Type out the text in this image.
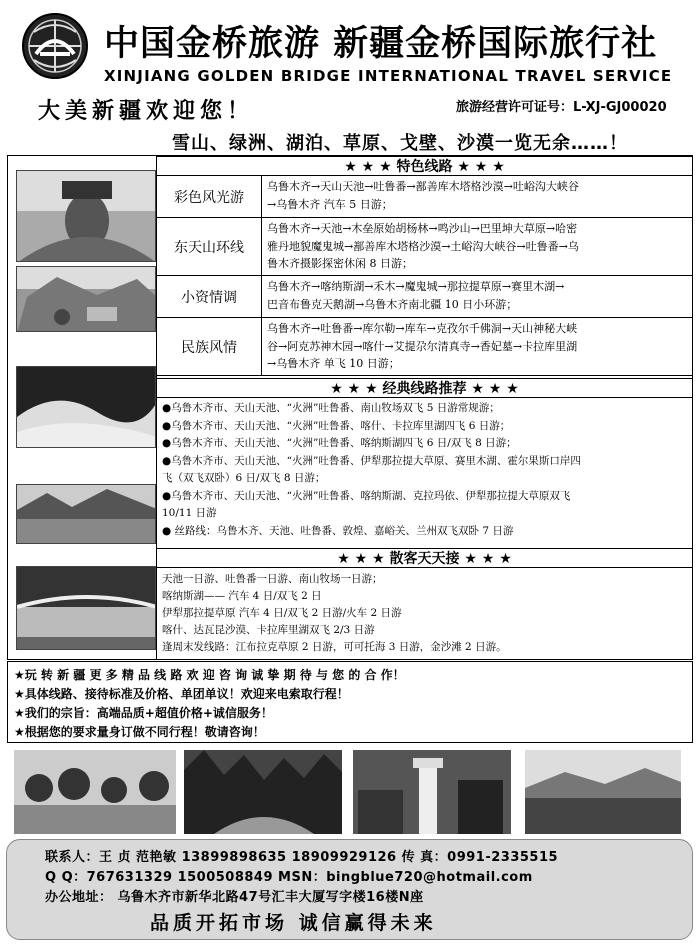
中国金桥旅游 新疆金桥国际旅行社
XINJIANG GOLDEN BRIDGE INTERNATIONAL TRAVEL SERVICE
大美新疆欢迎您！	旅游经营许可证号：L-XJ-GJ00020
雪山、绿洲、湖泊、草原、戈壁、沙漠一览无余……！
★ ★ ★ 特色线路 ★ ★ ★
彩色风光游
乌鲁木齐→天山天池→吐鲁番→鄯善库木塔格沙漠→吐峪沟大峡谷
→乌鲁木齐 汽车 5 日游；
东天山环线
乌鲁木齐→天池→木垒原始胡杨林→鸣沙山→巴里坤大草原→哈密
雅丹地貌魔鬼城→鄯善库木塔格沙漠→土峪沟大峡谷→吐鲁番→乌
鲁木齐摄影探密休闲 8 日游；
小资情调
乌鲁木齐→喀纳斯湖→禾木→魔鬼城→那拉提草原→赛里木湖→
巴音布鲁克天鹅湖→乌鲁木齐南北疆 10 日小环游；
民族风情
乌鲁木齐→吐鲁番→库尔勒→库车→克孜尔千佛洞→天山神秘大峡
谷→阿克苏神木园→喀什→艾提尕尔清真寺→香妃墓→卡拉库里湖
→乌鲁木齐 单飞 10 日游；
★ ★ ★ 经典线路推荐 ★ ★ ★
●乌鲁木齐市、天山天池、“火洲”吐鲁番、南山牧场双飞 5 日游常规游；
●乌鲁木齐市、天山天池、“火洲”吐鲁番、喀什、卡拉库里湖四飞 6 日游；
●乌鲁木齐市、天山天池、“火洲”吐鲁番、喀纳斯湖四飞 6 日/双飞 8 日游；
●乌鲁木齐市、天山天池、“火洲”吐鲁番、伊犁那拉提大草原、赛里木湖、霍尔果斯口岸四
飞（双飞双卧）6 日/双飞 8 日游；
●乌鲁木齐市、天山天池、“火洲”吐鲁番、喀纳斯湖、克拉玛依、伊犁那拉提大草原双飞
10/11 日游
● 丝路线：乌鲁木齐、天池、吐鲁番、敦煌、嘉峪关、兰州双飞双卧 7 日游
★ ★ ★ 散客天天接 ★ ★ ★
天池一日游、吐鲁番一日游、南山牧场一日游；
喀纳斯湖—— 汽车 4 日/双飞 2 日
伊犁那拉提草原 汽车 4 日/双飞 2 日游/火车 2 日游
喀什、达瓦昆沙漠、卡拉库里湖双飞 2/3 日游
逢周末发线路：江布拉克草原 2 日游，可可托海 3 日游，金沙滩 2 日游。
★玩 转 新 疆 更 多 精 品 线 路 欢 迎 咨 询 诚 挚 期 待 与 您 的 合 作！
★具体线路、接待标准及价格、单团单议！欢迎来电索取行程！
★我们的宗旨：高端品质+超值价格+诚信服务！
★根据您的要求量身订做不同行程！敬请咨询！
联系人：王 贞 范艳敏 13899898635 18909929126 传 真：0991-2335515
Q Q：767631329 1500508849 MSN：bingblue720@hotmail.com
办公地址： 乌鲁木齐市新华北路47号汇丰大厦写字楼16楼N座
品质开拓市场 诚信赢得未来
